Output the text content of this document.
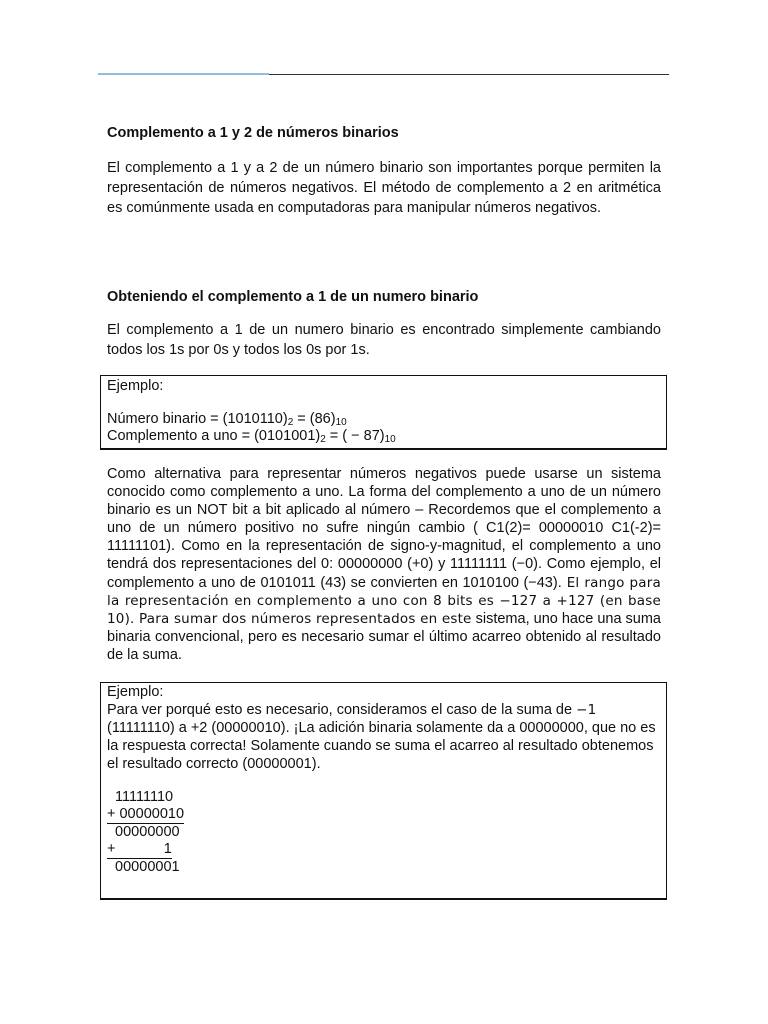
Complemento a 1 y 2 de números binarios

El complemento a 1 y a 2 de un número binario son importantes porque permiten la representación de números negativos. El método de complemento a 2 en aritmética es comúnmente usada en computadoras para manipular números negativos.

Obteniendo el complemento a 1 de un numero binario

El complemento a 1 de un numero binario es encontrado simplemente cambiando todos los 1s por 0s y todos los 0s por 1s.

Ejemplo:
Número binario = $(1010110)_2 = (86)_{10}$
Complemento a uno = $(0101001)_2$ = ( − $87)_{10}$
Como alternativa para representar números negativos puede usarse un sistema conocido como complemento a uno. La forma del complemento a uno de un número binario es un NOT bit a bit aplicado al número – Recordemos que el complemento a uno de un número positivo no sufre ningún cambio ( C1(2)= 00000010 C1(-2)= 11111101). Como en la representación de signo-y-magnitud, el complemento a uno tendrá dos representaciones del 0: 00000000 (+0) y 11111111 (−0). Como ejemplo, el complemento a uno de 0101011 (43) se convierten en 1010100 (−43). El rango para la representación en complemento a uno con 8 bits es −127 a +127 (en base 10). Para sumar dos números representados en este sistema, uno hace una suma binaria convencional, pero es necesario sumar el último acarreo obtenido al resultado de la suma.
Ejemplo:
Para ver porqué esto es necesario, consideramos el caso de la suma de −1 (11111110) a +2 (00000010). ¡La adición binaria solamente da a 00000000, que no es la respuesta correcta! Solamente cuando se suma el acarreo al resultado obtenemos el resultado correcto (00000001).
11111110
+ 00000010
00000000
+            1
00000001
